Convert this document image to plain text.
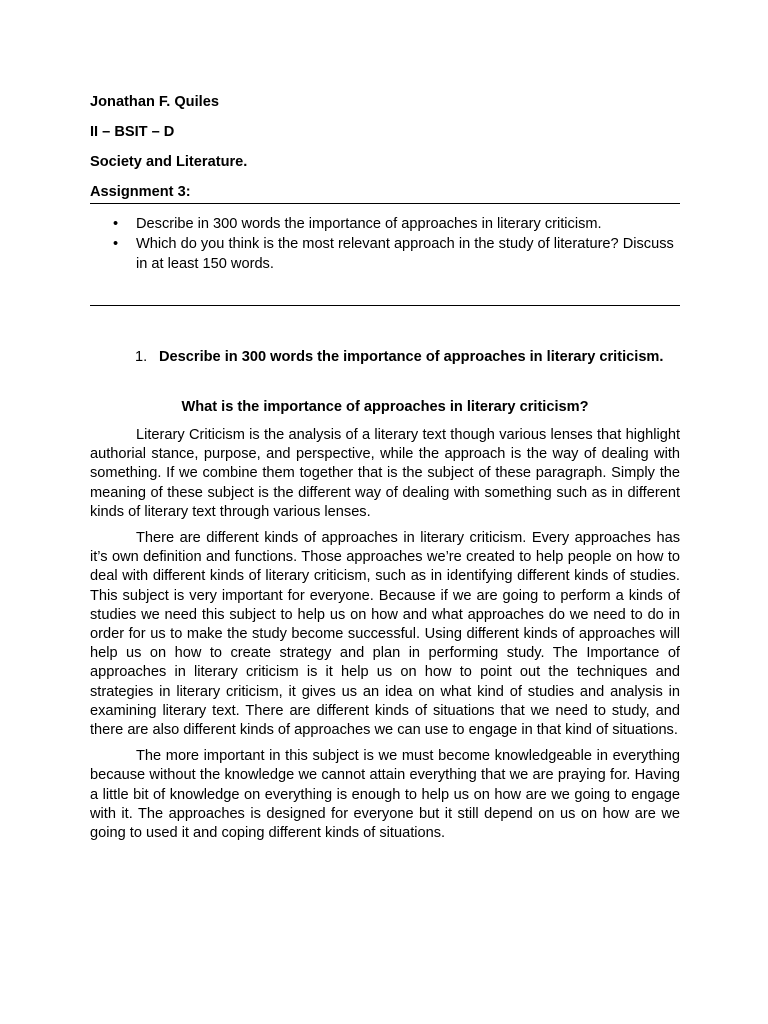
Jonathan F. Quiles
II – BSIT – D
Society and Literature.
Assignment 3:
• Describe in 300 words the importance of approaches in literary criticism.
• Which do you think is the most relevant approach in the study of literature? Discuss in at least 150 words.
1. Describe in 300 words the importance of approaches in literary criticism.
What is the importance of approaches in literary criticism?

Literary Criticism is the analysis of a literary text though various lenses that highlight authorial stance, purpose, and perspective, while the approach is the way of dealing with something. If we combine them together that is the subject of these paragraph. Simply the meaning of these subject is the different way of dealing with something such as in different kinds of literary text through various lenses.

There are different kinds of approaches in literary criticism. Every approaches has it’s own definition and functions. Those approaches we’re created to help people on how to deal with different kinds of literary criticism, such as in identifying different kinds of studies. This subject is very important for everyone. Because if we are going to perform a kinds of studies we need this subject to help us on how and what approaches do we need to do in order for us to make the study become successful. Using different kinds of approaches will help us on how to create strategy and plan in performing study. The Importance of approaches in literary criticism is it help us on how to point out the techniques and strategies in literary criticism, it gives us an idea on what kind of studies and analysis in examining literary text. There are different kinds of situations that we need to study, and there are also different kinds of approaches we can use to engage in that kind of situations.

The more important in this subject is we must become knowledgeable in everything because without the knowledge we cannot attain everything that we are praying for. Having a little bit of knowledge on everything is enough to help us on how are we going to engage with it. The approaches is designed for everyone but it still depend on us on how are we going to used it and coping different kinds of situations.
